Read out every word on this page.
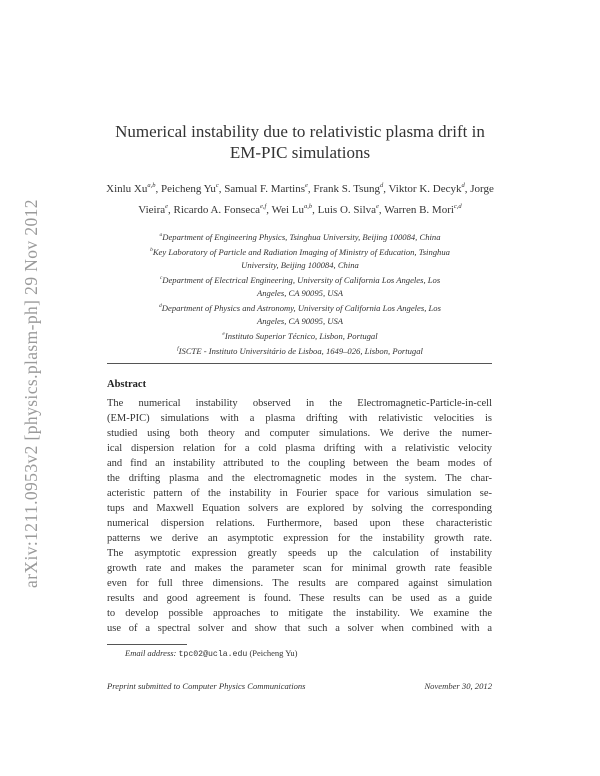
arXiv:1211.0953v2 [physics.plasm-ph] 29 Nov 2012
Numerical instability due to relativistic plasma drift in
EM-PIC simulations
Xinlu Xu$^{a,b}$, Peicheng Yu$^c$, Samual F. Martins$^e$, Frank S. Tsung$^d$, Viktor K. Decyk$^d$, Jorge Vieira$^e$, Ricardo A. Fonseca$^{e,f}$, Wei Lu$^{a,b}$, Luis O. Silva$^e$, Warren B. Mori$^{c,d}$
$^a$Department of Engineering Physics, Tsinghua University, Beijing 100084, China
$^b$Key Laboratory of Particle and Radiation Imaging of Ministry of Education, Tsinghua
University, Beijing 100084, China
$^c$Department of Electrical Engineering, University of California Los Angeles, Los
Angeles, CA 90095, USA
$^d$Department of Physics and Astronomy, University of California Los Angeles, Los
Angeles, CA 90095, USA
$^e$Instituto Superior Técnico, Lisbon, Portugal
$^f$ISCTE - Instituto Universitário de Lisboa, 1649–026, Lisbon, Portugal
Abstract
The numerical instability observed in the Electromagnetic-Particle-in-cell
(EM-PIC) simulations with a plasma drifting with relativistic velocities is
studied using both theory and computer simulations. We derive the numer-
ical dispersion relation for a cold plasma drifting with a relativistic velocity
and find an instability attributed to the coupling between the beam modes of
the drifting plasma and the electromagnetic modes in the system. The char-
acteristic pattern of the instability in Fourier space for various simulation se-
tups and Maxwell Equation solvers are explored by solving the corresponding
numerical dispersion relations. Furthermore, based upon these characteristic
patterns we derive an asymptotic expression for the instability growth rate.
The asymptotic expression greatly speeds up the calculation of instability
growth rate and makes the parameter scan for minimal growth rate feasible
even for full three dimensions. The results are compared against simulation
results and good agreement is found. These results can be used as a guide
to develop possible approaches to mitigate the instability. We examine the
use of a spectral solver and show that such a solver when combined with a
Email address: tpc02@ucla.edu (Peicheng Yu)
Preprint submitted to Computer Physics Communications	November 30, 2012
